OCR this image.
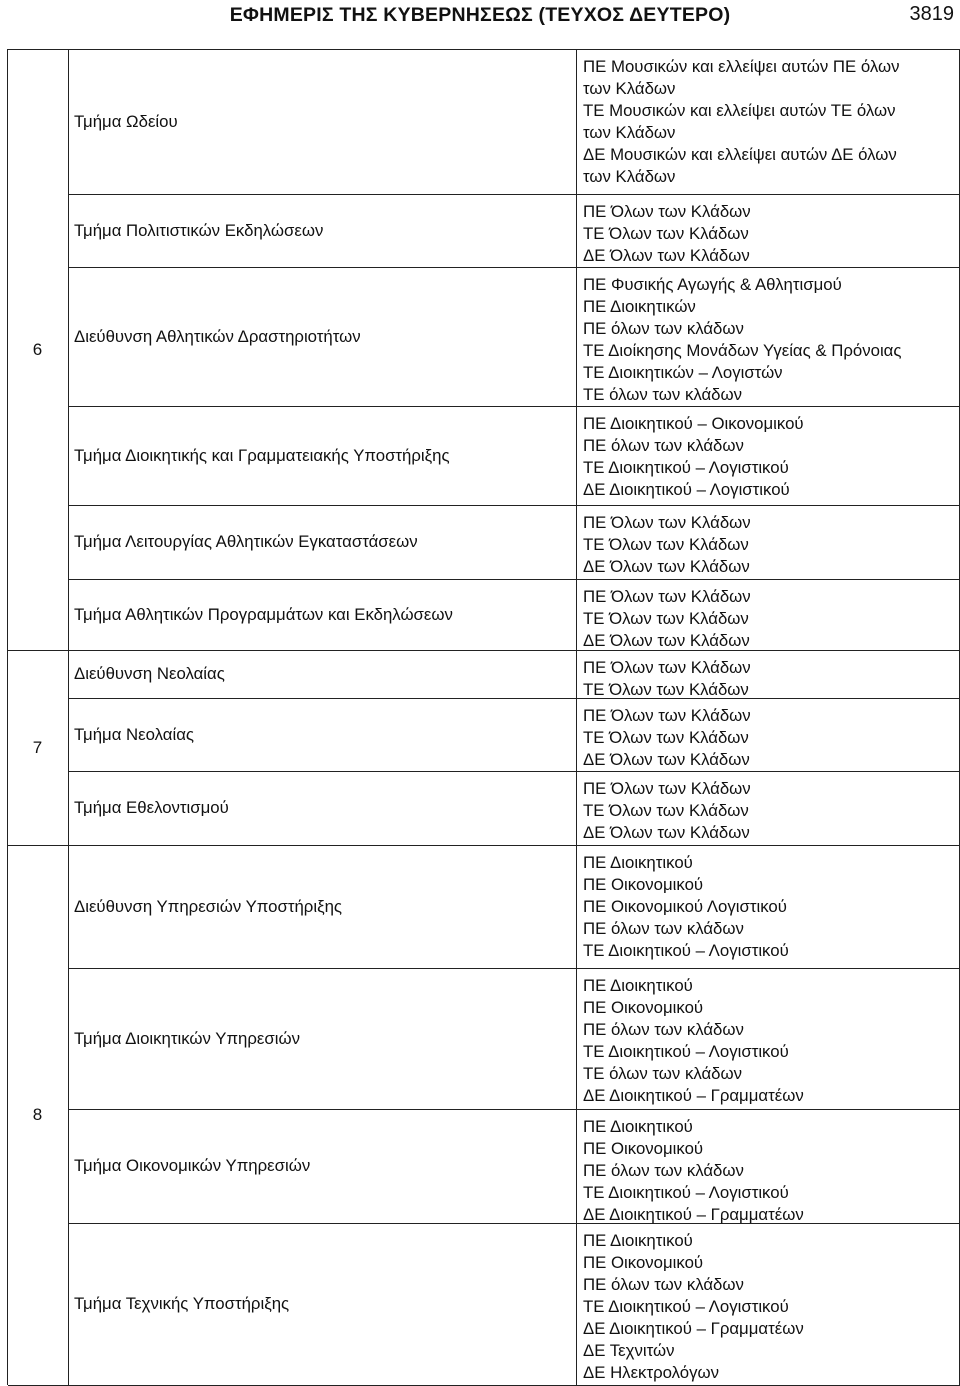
ΕΦΗΜΕΡΙΣ ΤΗΣ ΚΥΒΕΡΝΗΣΕΩΣ (ΤΕΥΧΟΣ ΔΕΥΤΕΡΟ)	3819
Τμήμα Ωδείου
ΠΕ Μουσικών και ελλείψει αυτών ΠΕ όλων
των Κλάδων
ΤΕ Μουσικών και ελλείψει αυτών ΤΕ όλων
των Κλάδων
ΔΕ Μουσικών και ελλείψει αυτών ΔΕ όλων
των Κλάδων
Τμήμα Πολιτιστικών Εκδηλώσεων
ΠΕ Όλων των Κλάδων
ΤΕ Όλων των Κλάδων
ΔΕ Όλων των Κλάδων
Διεύθυνση Αθλητικών Δραστηριοτήτων
ΠΕ Φυσικής Αγωγής & Αθλητισμού
ΠΕ Διοικητικών
ΠΕ όλων των κλάδων
ΤΕ Διοίκησης Μονάδων Υγείας & Πρόνοιας
ΤΕ Διοικητικών – Λογιστών
ΤΕ όλων των κλάδων
Τμήμα Διοικητικής και Γραμματειακής Υποστήριξης
ΠΕ Διοικητικού – Οικονομικού
ΠΕ όλων των κλάδων
ΤΕ Διοικητικού – Λογιστικού
ΔΕ Διοικητικού – Λογιστικού
Τμήμα Λειτουργίας Αθλητικών Εγκαταστάσεων
ΠΕ Όλων των Κλάδων
ΤΕ Όλων των Κλάδων
ΔΕ Όλων των Κλάδων
Τμήμα Αθλητικών Προγραμμάτων και Εκδηλώσεων
ΠΕ Όλων των Κλάδων
ΤΕ Όλων των Κλάδων
ΔΕ Όλων των Κλάδων
Διεύθυνση Νεολαίας	ΠΕ Όλων των Κλάδων
ΤΕ Όλων των Κλάδων
Τμήμα Νεολαίας
ΠΕ Όλων των Κλάδων
ΤΕ Όλων των Κλάδων
ΔΕ Όλων των Κλάδων
Τμήμα Εθελοντισμού
ΠΕ Όλων των Κλάδων
ΤΕ Όλων των Κλάδων
ΔΕ Όλων των Κλάδων
Διεύθυνση Υπηρεσιών Υποστήριξης
ΠΕ Διοικητικού
ΠΕ Οικονομικού
ΠΕ Οικονομικού Λογιστικού
ΠΕ όλων των κλάδων
ΤΕ Διοικητικού – Λογιστικού
Τμήμα Διοικητικών Υπηρεσιών
ΠΕ Διοικητικού
ΠΕ Οικονομικού
ΠΕ όλων των κλάδων
ΤΕ Διοικητικού – Λογιστικού
ΤΕ όλων των κλάδων
ΔΕ Διοικητικού – Γραμματέων
Τμήμα Οικονομικών Υπηρεσιών
ΠΕ Διοικητικού
ΠΕ Οικονομικού
ΠΕ όλων των κλάδων
ΤΕ Διοικητικού – Λογιστικού
ΔΕ Διοικητικού – Γραμματέων
Τμήμα Τεχνικής Υποστήριξης
ΠΕ Διοικητικού
ΠΕ Οικονομικού
ΠΕ όλων των κλάδων
ΤΕ Διοικητικού – Λογιστικού
ΔΕ Διοικητικού – Γραμματέων
ΔΕ Τεχνιτών
ΔΕ Ηλεκτρολόγων
6
7
8
